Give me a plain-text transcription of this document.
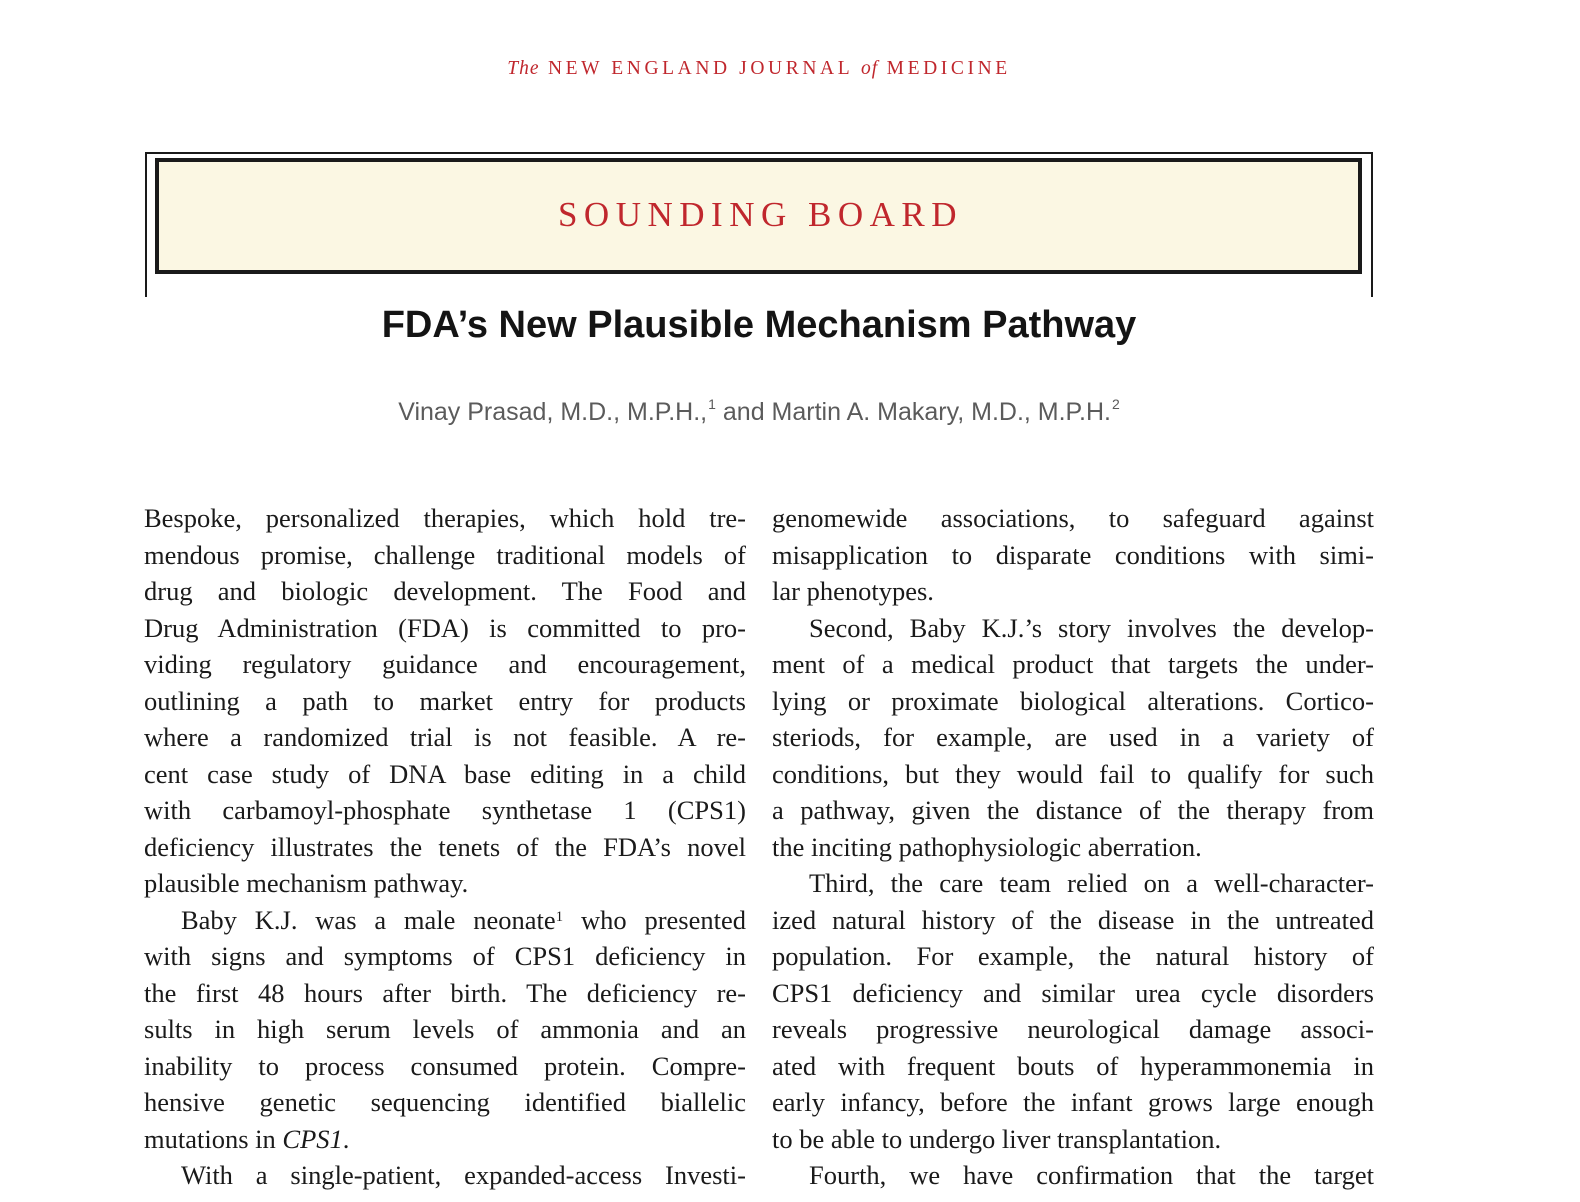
The NEW ENGLAND JOURNAL of MEDICINE
SOUNDING BOARD
FDA’s New Plausible Mechanism Pathway
Vinay Prasad, M.D., M.P.H.,$^1$ and Martin A. Makary, M.D., M.P.H.$^2$
Bespoke, personalized therapies, which hold tre-
mendous promise, challenge traditional models of
drug and biologic development. The Food and
Drug Administration (FDA) is committed to pro-
viding regulatory guidance and encouragement,
outlining a path to market entry for products
where a randomized trial is not feasible. A re-
cent case study of DNA base editing in a child
with carbamoyl-phosphate synthetase 1 (CPS1)
deficiency illustrates the tenets of the FDA’s novel
plausible mechanism pathway.
Baby K.J. was a male neonate$^1$ who presented
with signs and symptoms of CPS1 deficiency in
the first 48 hours after birth. The deficiency re-
sults in high serum levels of ammonia and an
inability to process consumed protein. Compre-
hensive genetic sequencing identified biallelic
mutations in CPS1.
With a single-patient, expanded-access Investi-
genomewide associations, to safeguard against
misapplication to disparate conditions with simi-
lar phenotypes.
Second, Baby K.J.’s story involves the develop-
ment of a medical product that targets the under-
lying or proximate biological alterations. Cortico-
steriods, for example, are used in a variety of
conditions, but they would fail to qualify for such
a pathway, given the distance of the therapy from
the inciting pathophysiologic aberration.
Third, the care team relied on a well-character-
ized natural history of the disease in the untreated
population. For example, the natural history of
CPS1 deficiency and similar urea cycle disorders
reveals progressive neurological damage associ-
ated with frequent bouts of hyperammonemia in
early infancy, before the infant grows large enough
to be able to undergo liver transplantation.
Fourth, we have confirmation that the target
